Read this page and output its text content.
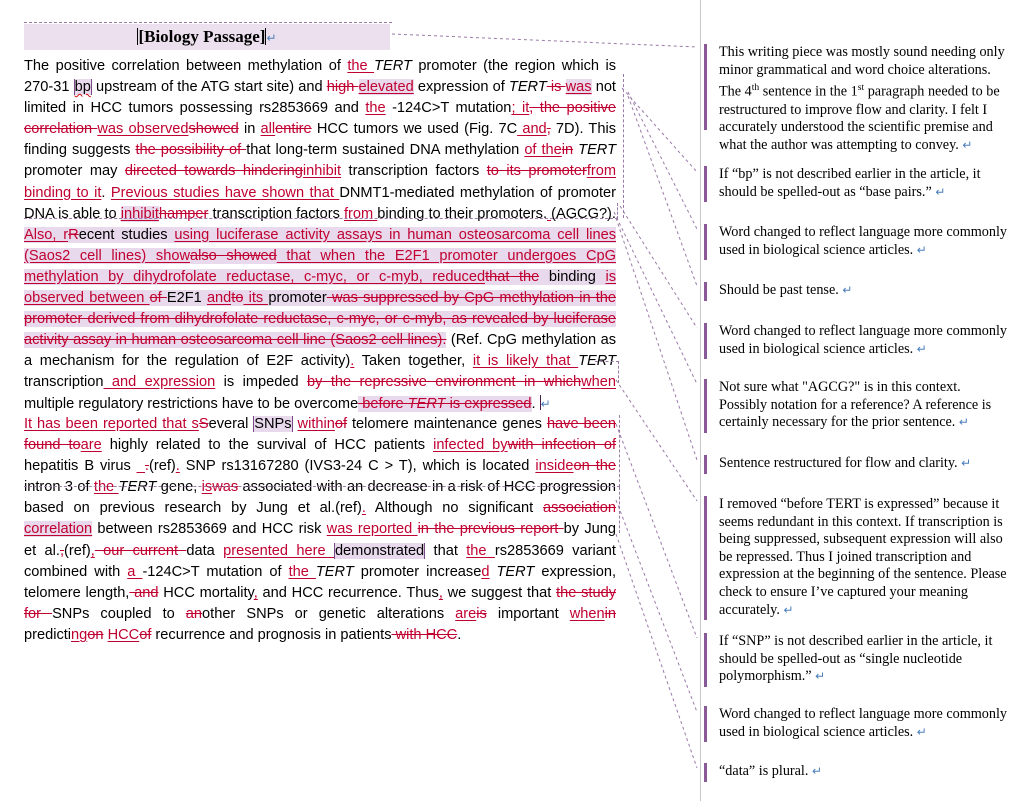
[Biology Passage]↵
The positive correlation between methylation of the TERT promoter (the region which is 270-31 bp upstream of the ATG start site) and high elevated expression of TERT is was not limited in HCC tumors possessing rs2853669 and the -124C>T mutation; it, the positive correlation was observedshowed in allentire HCC tumors we used (Fig. 7C and, 7D). This finding suggests the possibility of that long-term sustained DNA methylation of thein TERT promoter may directed towards hinderinginhibit transcription factors to its promoterfrom binding to it. Previous studies have shown that DNMT1-mediated methylation of promoter DNA is able to inhibithamper transcription factors from binding to their promoters. (AGCG?). Also, rRecent studies using luciferase activity assays in human osteosarcoma cell lines (Saos2 cell lines) showalso showed that when the E2F1 promoter undergoes CpG methylation by dihydrofolate reductase, c-myc, or c-myb, reducedthat the binding is observed between of E2F1 andto its promoter was suppressed by CpG methylation in the promoter derived from dihydrofolate reductase, c-myc, or c-myb, as revealed by luciferase activity assay in human osteosarcoma cell line (Saos2 cell lines). (Ref. CpG methylation as a mechanism for the regulation of E2F activity). Taken together, it is likely that TERT transcription and expression is impeded by the repressive environment in whichwhen multiple regulatory restrictions have to be overcome before TERT is expressed. ↵
It has been reported that sSeveral SNPs withinof telomere maintenance genes have been found toare highly related to the survival of HCC patients infected bywith infection of hepatitis B virus _.(ref). SNP rs13167280 (IVS3-24 C > T), which is located insideon the intron 3 of the TERT gene, iswas associated with an decrease in a risk of HCC progression based on previous research by Jung et al.(ref). Although no significant association correlation between rs2853669 and HCC risk was reported in the previous report by Jung et al.,(ref), our current data presented here demonstrated that the rs2853669 variant combined with a -124C>T mutation of the TERT promoter increased TERT expression, telomere length, and HCC mortality, and HCC recurrence. Thus, we suggest that the study for SNPs coupled to another SNPs or genetic alterations areis important whenin predictingon HCCof recurrence and prognosis in patients with HCC.
This writing piece was mostly sound needing only minor grammatical and word choice alterations. The 4th sentence in the 1st paragraph needed to be restructured to improve flow and clarity. I felt I accurately understood the scientific premise and what the author was attempting to convey. ↵
If “bp” is not described earlier in the article, it should be spelled-out as “base pairs.” ↵
Word changed to reflect language more commonly used in biological science articles. ↵
Should be past tense. ↵
Word changed to reflect language more commonly used in biological science articles. ↵
Not sure what "AGCG?" is in this context. Possibly notation for a reference? A reference is certainly necessary for the prior sentence. ↵
Sentence restructured for flow and clarity. ↵
I removed “before TERT is expressed” because it seems redundant in this context. If transcription is being suppressed, subsequent expression will also be repressed. Thus I joined transcription and expression at the beginning of the sentence. Please check to ensure I’ve captured your meaning accurately. ↵
If “SNP” is not described earlier in the article, it should be spelled-out as “single nucleotide polymorphism.” ↵
Word changed to reflect language more commonly used in biological science articles. ↵
“data” is plural. ↵
